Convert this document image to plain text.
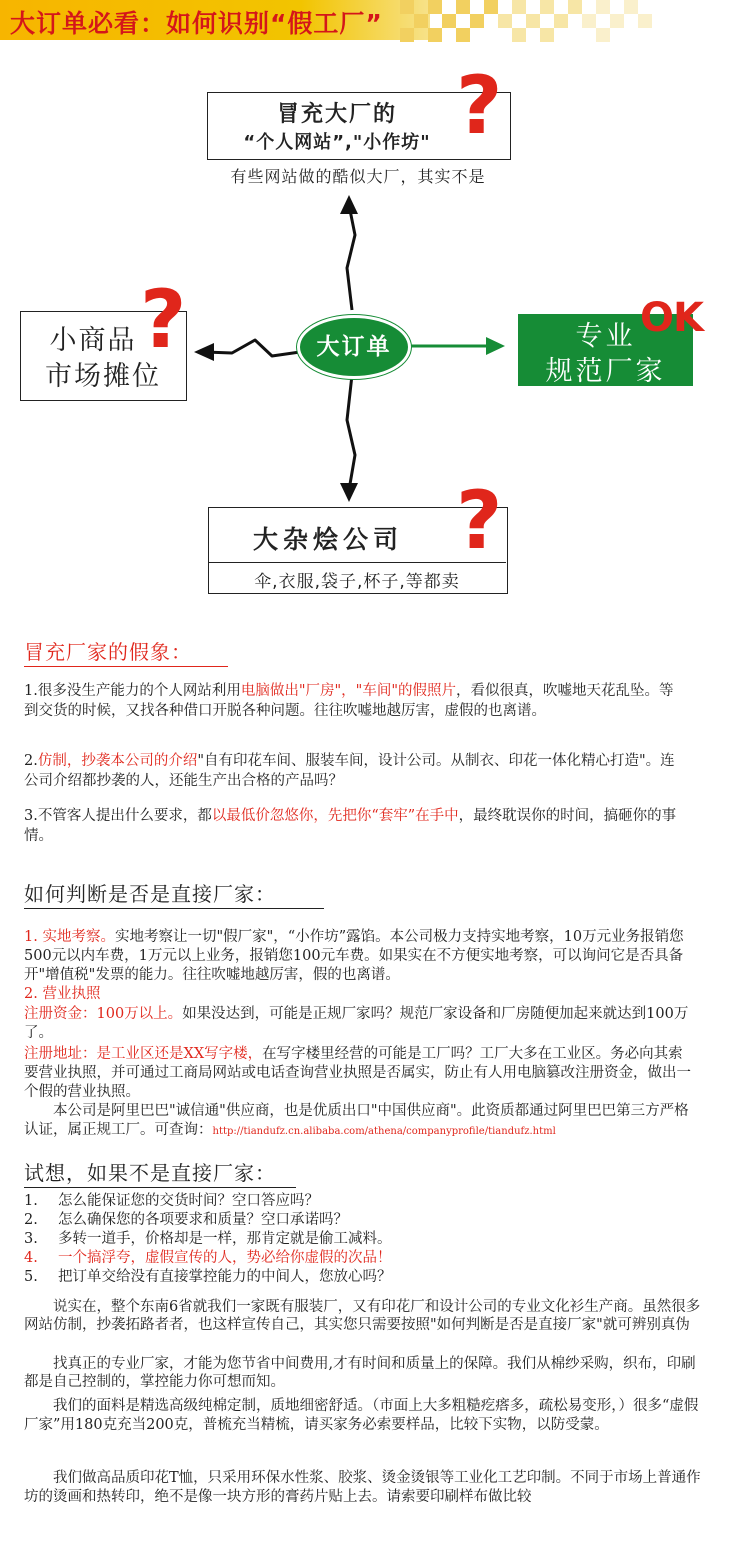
大订单必看：如何识别“假工厂”
冒充大厂的
“个人网站”,"小作坊" ?
有些网站做的酷似大厂，其实不是
小商品
市场摊位
?	大订单	专业
规范厂家
OK
大杂烩公司
伞,衣服,袋子,杯子,等都卖
?
冒充厂家的假象：

1.很多没生产能力的个人网站利用电脑做出"厂房"，"车间"的假照片，看似很真，吹嘘地天花乱坠。等到交货的时候，又找各种借口开脱各种问题。往往吹嘘地越厉害，虚假的也离谱。

2.仿制，抄袭本公司的介绍"自有印花车间、服装车间，设计公司。从制衣、印花一体化精心打造"。连公司介绍都抄袭的人，还能生产出合格的产品吗？

3.不管客人提出什么要求，都以最低价忽悠你，先把你“套牢”在手中，最终耽误你的时间，搞砸你的事情。

如何判断是否是直接厂家：

1. 实地考察。实地考察让一切"假厂家"，“小作坊”露馅。本公司极力支持实地考察，10万元业务报销您500元以内车费，1万元以上业务，报销您100元车费。如果实在不方便实地考察，可以询问它是否具备开"增值税"发票的能力。往往吹嘘地越厉害，假的也离谱。

2. 营业执照

注册资金：100万以上。如果没达到，可能是正规厂家吗？规范厂家设备和厂房随便加起来就达到100万了。

注册地址：是工业区还是XX写字楼，在写字楼里经营的可能是工厂吗？工厂大多在工业区。务必向其索要营业执照，并可通过工商局网站或电话查询营业执照是否属实，防止有人用电脑篡改注册资金，做出一个假的营业执照。

本公司是阿里巴巴"诚信通"供应商，也是优质出口"中国供应商"。此资质都通过阿里巴巴第三方严格认证，属正规工厂。可查询：http://tiandufz.cn.alibaba.com/athena/companyprofile/tiandufz.html

试想，如果不是直接厂家：
1.	怎么能保证您的交货时间？空口答应吗？
2.	怎么确保您的各项要求和质量？空口承诺吗？
3.	多转一道手，价格却是一样，那肯定就是偷工减料。
4.	一个搞浮夸，虚假宣传的人，势必给你虚假的次品！
5.	把订单交给没有直接掌控能力的中间人，您放心吗？

说实在，整个东南6省就我们一家既有服装厂，又有印花厂和设计公司的专业文化衫生产商。虽然很多网站仿制，抄袭拓路者者，也这样宣传自己，其实您只需要按照"如何判断是否是直接厂家"就可辨别真伪

找真正的专业厂家，才能为您节省中间费用,才有时间和质量上的保障。我们从棉纱采购，织布，印刷都是自己控制的，掌控能力你可想而知。

我们的面料是精选高级纯棉定制，质地细密舒适。（市面上大多粗糙疙瘩多，疏松易变形，）很多“虚假厂家”用180克充当200克，普梳充当精梳，请买家务必索要样品，比较下实物，以防受蒙。

我们做高品质印花T恤，只采用环保水性浆、胶浆、烫金烫银等工业化工艺印制。不同于市场上普通作坊的烫画和热转印，绝不是像一块方形的膏药片贴上去。请索要印刷样布做比较
